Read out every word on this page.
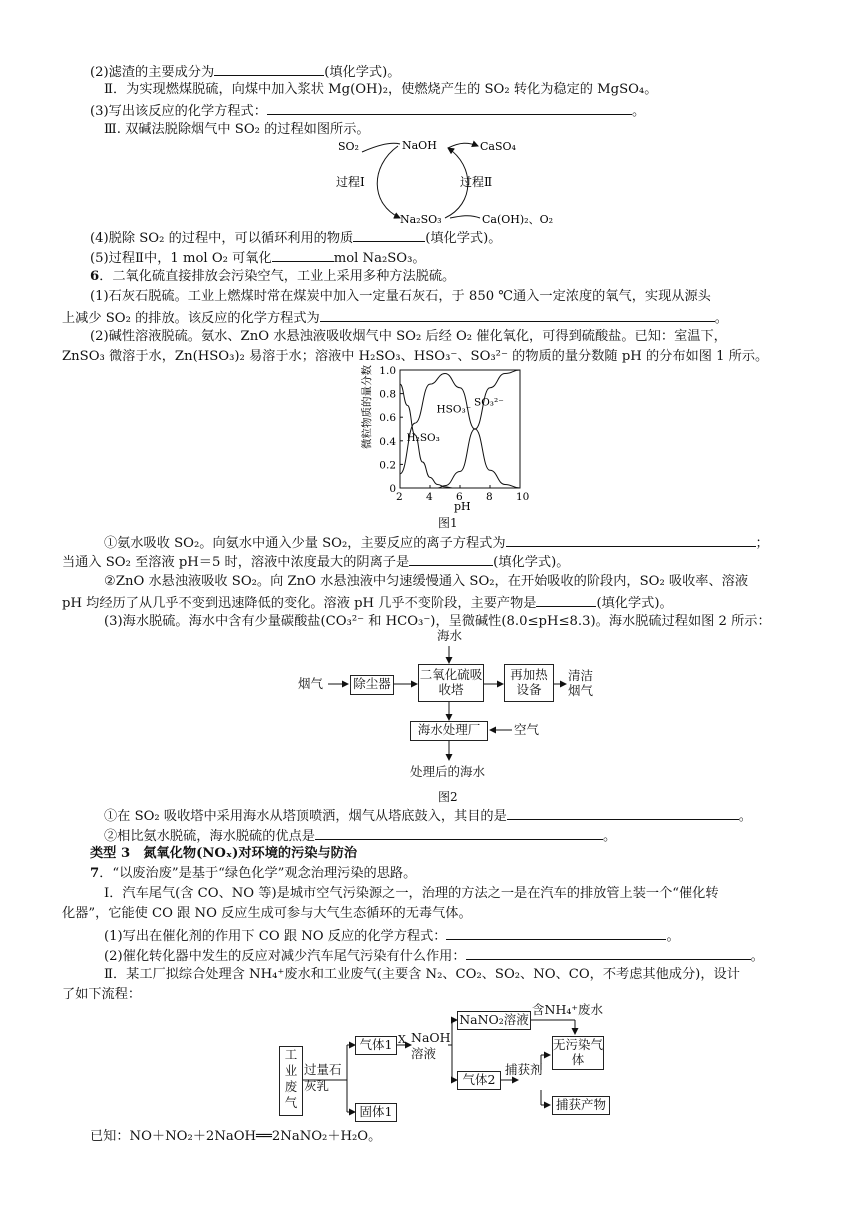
(2)滤渣的主要成分为	(填化学式)。
Ⅱ．为实现燃煤脱硫，向煤中加入浆状 Mg(OH)₂，使燃烧产生的 SO₂ 转化为稳定的 MgSO₄。
(3)写出该反应的化学方程式：	。
Ⅲ. 双碱法脱除烟气中 SO₂ 的过程如图所示。
SO₂	NaOH	CaSO₄
过程Ⅰ	过程Ⅱ
Na₂SO₃	Ca(OH)₂、O₂
(4)脱除 SO₂ 的过程中，可以循环利用的物质	(填化学式)。
(5)过程Ⅱ中，1 mol O₂ 可氧化	mol Na₂SO₃。
6．二氧化硫直接排放会污染空气，工业上采用多种方法脱硫。
(1)石灰石脱硫。工业上燃煤时常在煤炭中加入一定量石灰石，于 850 ℃通入一定浓度的氧气，实现从源头
上减少 SO₂ 的排放。该反应的化学方程式为	。
(2)碱性溶液脱硫。氨水、ZnO 水悬浊液吸收烟气中 SO₂ 后经 O₂ 催化氧化，可得到硫酸盐。已知：室温下，
ZnSO₃ 微溶于水，Zn(HSO₃)₂ 易溶于水；溶液中 H₂SO₃、HSO₃⁻、SO₃²⁻ 的物质的量分数随 pH 的分布如图 1 所示。
2 4 6 8 10
0
0.2
0.4
0.6
0.8
1.0
H₂SO₃
HSO₃⁻
SO₃²⁻
微粒物质的量分数
pH
图1
①氨水吸收 SO₂。向氨水中通入少量 SO₂，主要反应的离子方程式为	；
当通入 SO₂ 至溶液 pH＝5 时，溶液中浓度最大的阴离子是	(填化学式)。
②ZnO 水悬浊液吸收 SO₂。向 ZnO 水悬浊液中匀速缓慢通入 SO₂，在开始吸收的阶段内，SO₂ 吸收率、溶液
pH 均经历了从几乎不变到迅速降低的变化。溶液 pH 几乎不变阶段，主要产物是	(填化学式)。
(3)海水脱硫。海水中含有少量碳酸盐(CO₃²⁻ 和 HCO₃⁻)，呈微碱性(8.0≤pH≤8.3)。海水脱硫过程如图 2 所示：
海水
烟气 除尘器
二氧化硫吸收塔
再加热设备
清洁烟气
海水处理厂	空气
处理后的海水
图2
①在 SO₂ 吸收塔中采用海水从塔顶喷洒，烟气从塔底鼓入，其目的是	。
②相比氨水脱硫，海水脱硫的优点是	。
类型 3　氮氧化物(NOₓ)对环境的污染与防治
7．“以废治废”是基于“绿色化学”观念治理污染的思路。
Ⅰ．汽车尾气(含 CO、NO 等)是城市空气污染源之一，治理的方法之一是在汽车的排放管上装一个“催化转
化器”，它能使 CO 跟 NO 反应生成可参与大气生态循环的无毒气体。
(1)写出在催化剂的作用下 CO 跟 NO 反应的化学方程式：	。
(2)催化转化器中发生的反应对减少汽车尾气污染有什么作用：	。
Ⅱ．某工厂拟综合处理含 NH₄⁺废水和工业废气(主要含 N₂、CO₂、SO₂、NO、CO，不考虑其他成分)，设计
了如下流程：
工业废气
过量石灰乳
气体1 X NaOH溶液
NaNO₂溶液
含NH₄⁺废水
无污染气体
气体2
捕获剂
捕获产物
固体1
已知：NO＋NO₂＋2NaOH══2NaNO₂＋H₂O。
